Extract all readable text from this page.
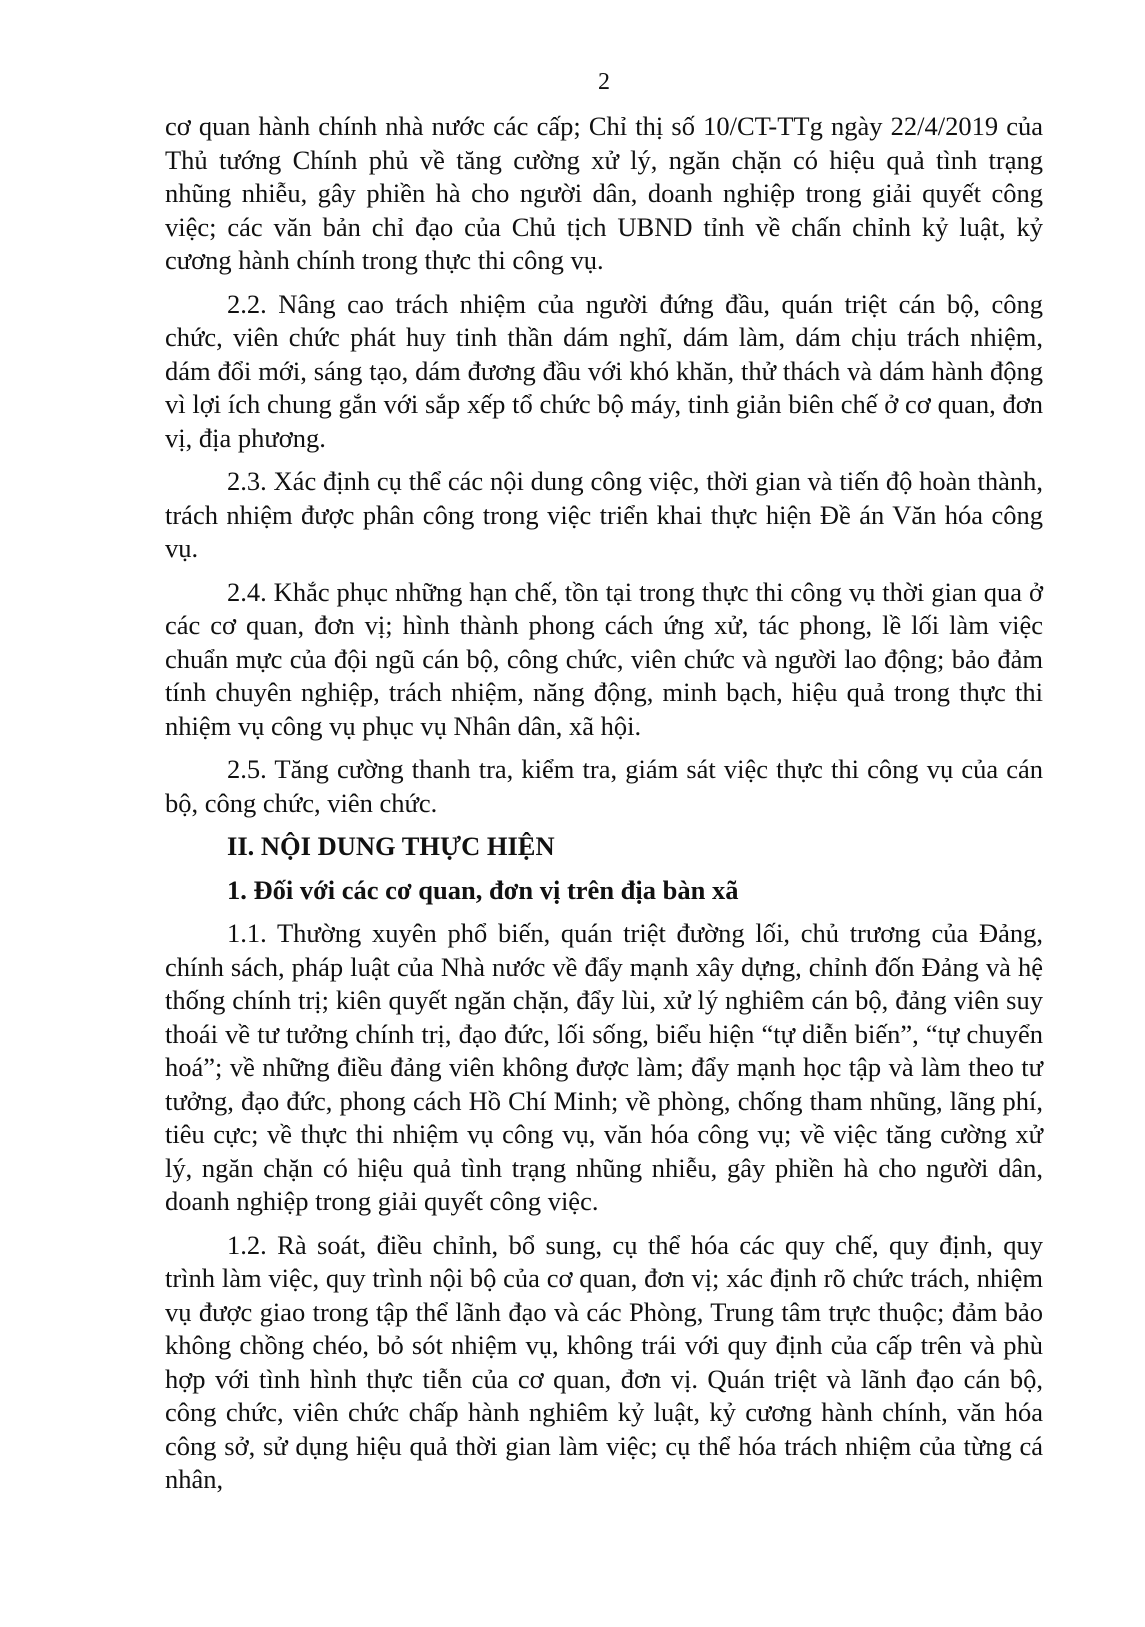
2

cơ quan hành chính nhà nước các cấp; Chỉ thị số 10/CT-TTg ngày 22/4/2019 của Thủ tướng Chính phủ về tăng cường xử lý, ngăn chặn có hiệu quả tình trạng nhũng nhiễu, gây phiền hà cho người dân, doanh nghiệp trong giải quyết công việc; các văn bản chỉ đạo của Chủ tịch UBND tỉnh về chấn chỉnh kỷ luật, kỷ cương hành chính trong thực thi công vụ.

2.2. Nâng cao trách nhiệm của người đứng đầu, quán triệt cán bộ, công chức, viên chức phát huy tinh thần dám nghĩ, dám làm, dám chịu trách nhiệm, dám đổi mới, sáng tạo, dám đương đầu với khó khăn, thử thách và dám hành động vì lợi ích chung gắn với sắp xếp tổ chức bộ máy, tinh giản biên chế ở cơ quan, đơn vị, địa phương.

2.3. Xác định cụ thể các nội dung công việc, thời gian và tiến độ hoàn thành, trách nhiệm được phân công trong việc triển khai thực hiện Đề án Văn hóa công vụ.

2.4. Khắc phục những hạn chế, tồn tại trong thực thi công vụ thời gian qua ở các cơ quan, đơn vị; hình thành phong cách ứng xử, tác phong, lề lối làm việc chuẩn mực của đội ngũ cán bộ, công chức, viên chức và người lao động; bảo đảm tính chuyên nghiệp, trách nhiệm, năng động, minh bạch, hiệu quả trong thực thi nhiệm vụ công vụ phục vụ Nhân dân, xã hội.

2.5. Tăng cường thanh tra, kiểm tra, giám sát việc thực thi công vụ của cán bộ, công chức, viên chức.

II. NỘI DUNG THỰC HIỆN
1. Đối với các cơ quan, đơn vị trên địa bàn xã

1.1. Thường xuyên phổ biến, quán triệt đường lối, chủ trương của Đảng, chính sách, pháp luật của Nhà nước về đẩy mạnh xây dựng, chỉnh đốn Đảng và hệ thống chính trị; kiên quyết ngăn chặn, đẩy lùi, xử lý nghiêm cán bộ, đảng viên suy thoái về tư tưởng chính trị, đạo đức, lối sống, biểu hiện “tự diễn biến”, “tự chuyển hoá”; về những điều đảng viên không được làm; đẩy mạnh học tập và làm theo tư tưởng, đạo đức, phong cách Hồ Chí Minh; về phòng, chống tham nhũng, lãng phí, tiêu cực; về thực thi nhiệm vụ công vụ, văn hóa công vụ; về việc tăng cường xử lý, ngăn chặn có hiệu quả tình trạng nhũng nhiễu, gây phiền hà cho người dân, doanh nghiệp trong giải quyết công việc.

1.2. Rà soát, điều chỉnh, bổ sung, cụ thể hóa các quy chế, quy định, quy trình làm việc, quy trình nội bộ của cơ quan, đơn vị; xác định rõ chức trách, nhiệm vụ được giao trong tập thể lãnh đạo và các Phòng, Trung tâm trực thuộc; đảm bảo không chồng chéo, bỏ sót nhiệm vụ, không trái với quy định của cấp trên và phù hợp với tình hình thực tiễn của cơ quan, đơn vị. Quán triệt và lãnh đạo cán bộ, công chức, viên chức chấp hành nghiêm kỷ luật, kỷ cương hành chính, văn hóa công sở, sử dụng hiệu quả thời gian làm việc; cụ thể hóa trách nhiệm của từng cá nhân,
